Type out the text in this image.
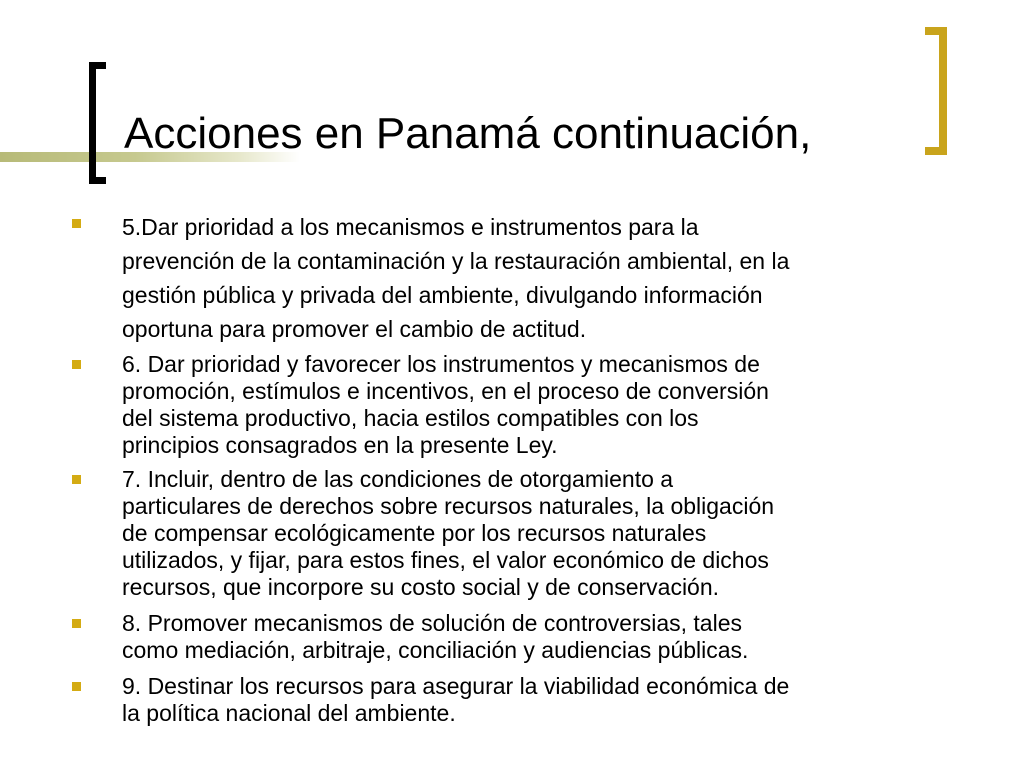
Acciones en Panamá continuación,

5.Dar prioridad a los mecanismos e instrumentos para la
prevención de la contaminación y la restauración ambiental, en la
gestión pública y privada del ambiente, divulgando información
oportuna para promover el cambio de actitud.

6. Dar prioridad y favorecer los instrumentos y mecanismos de
promoción, estímulos e incentivos, en el proceso de conversión
del sistema productivo, hacia estilos compatibles con los
principios consagrados en la presente Ley.

7. Incluir, dentro de las condiciones de otorgamiento a
particulares de derechos sobre recursos naturales, la obligación
de compensar ecológicamente por los recursos naturales
utilizados, y fijar, para estos fines, el valor económico de dichos
recursos, que incorpore su costo social y de conservación.

8. Promover mecanismos de solución de controversias, tales
como mediación, arbitraje, conciliación y audiencias públicas.

9. Destinar los recursos para asegurar la viabilidad económica de
la política nacional del ambiente.
